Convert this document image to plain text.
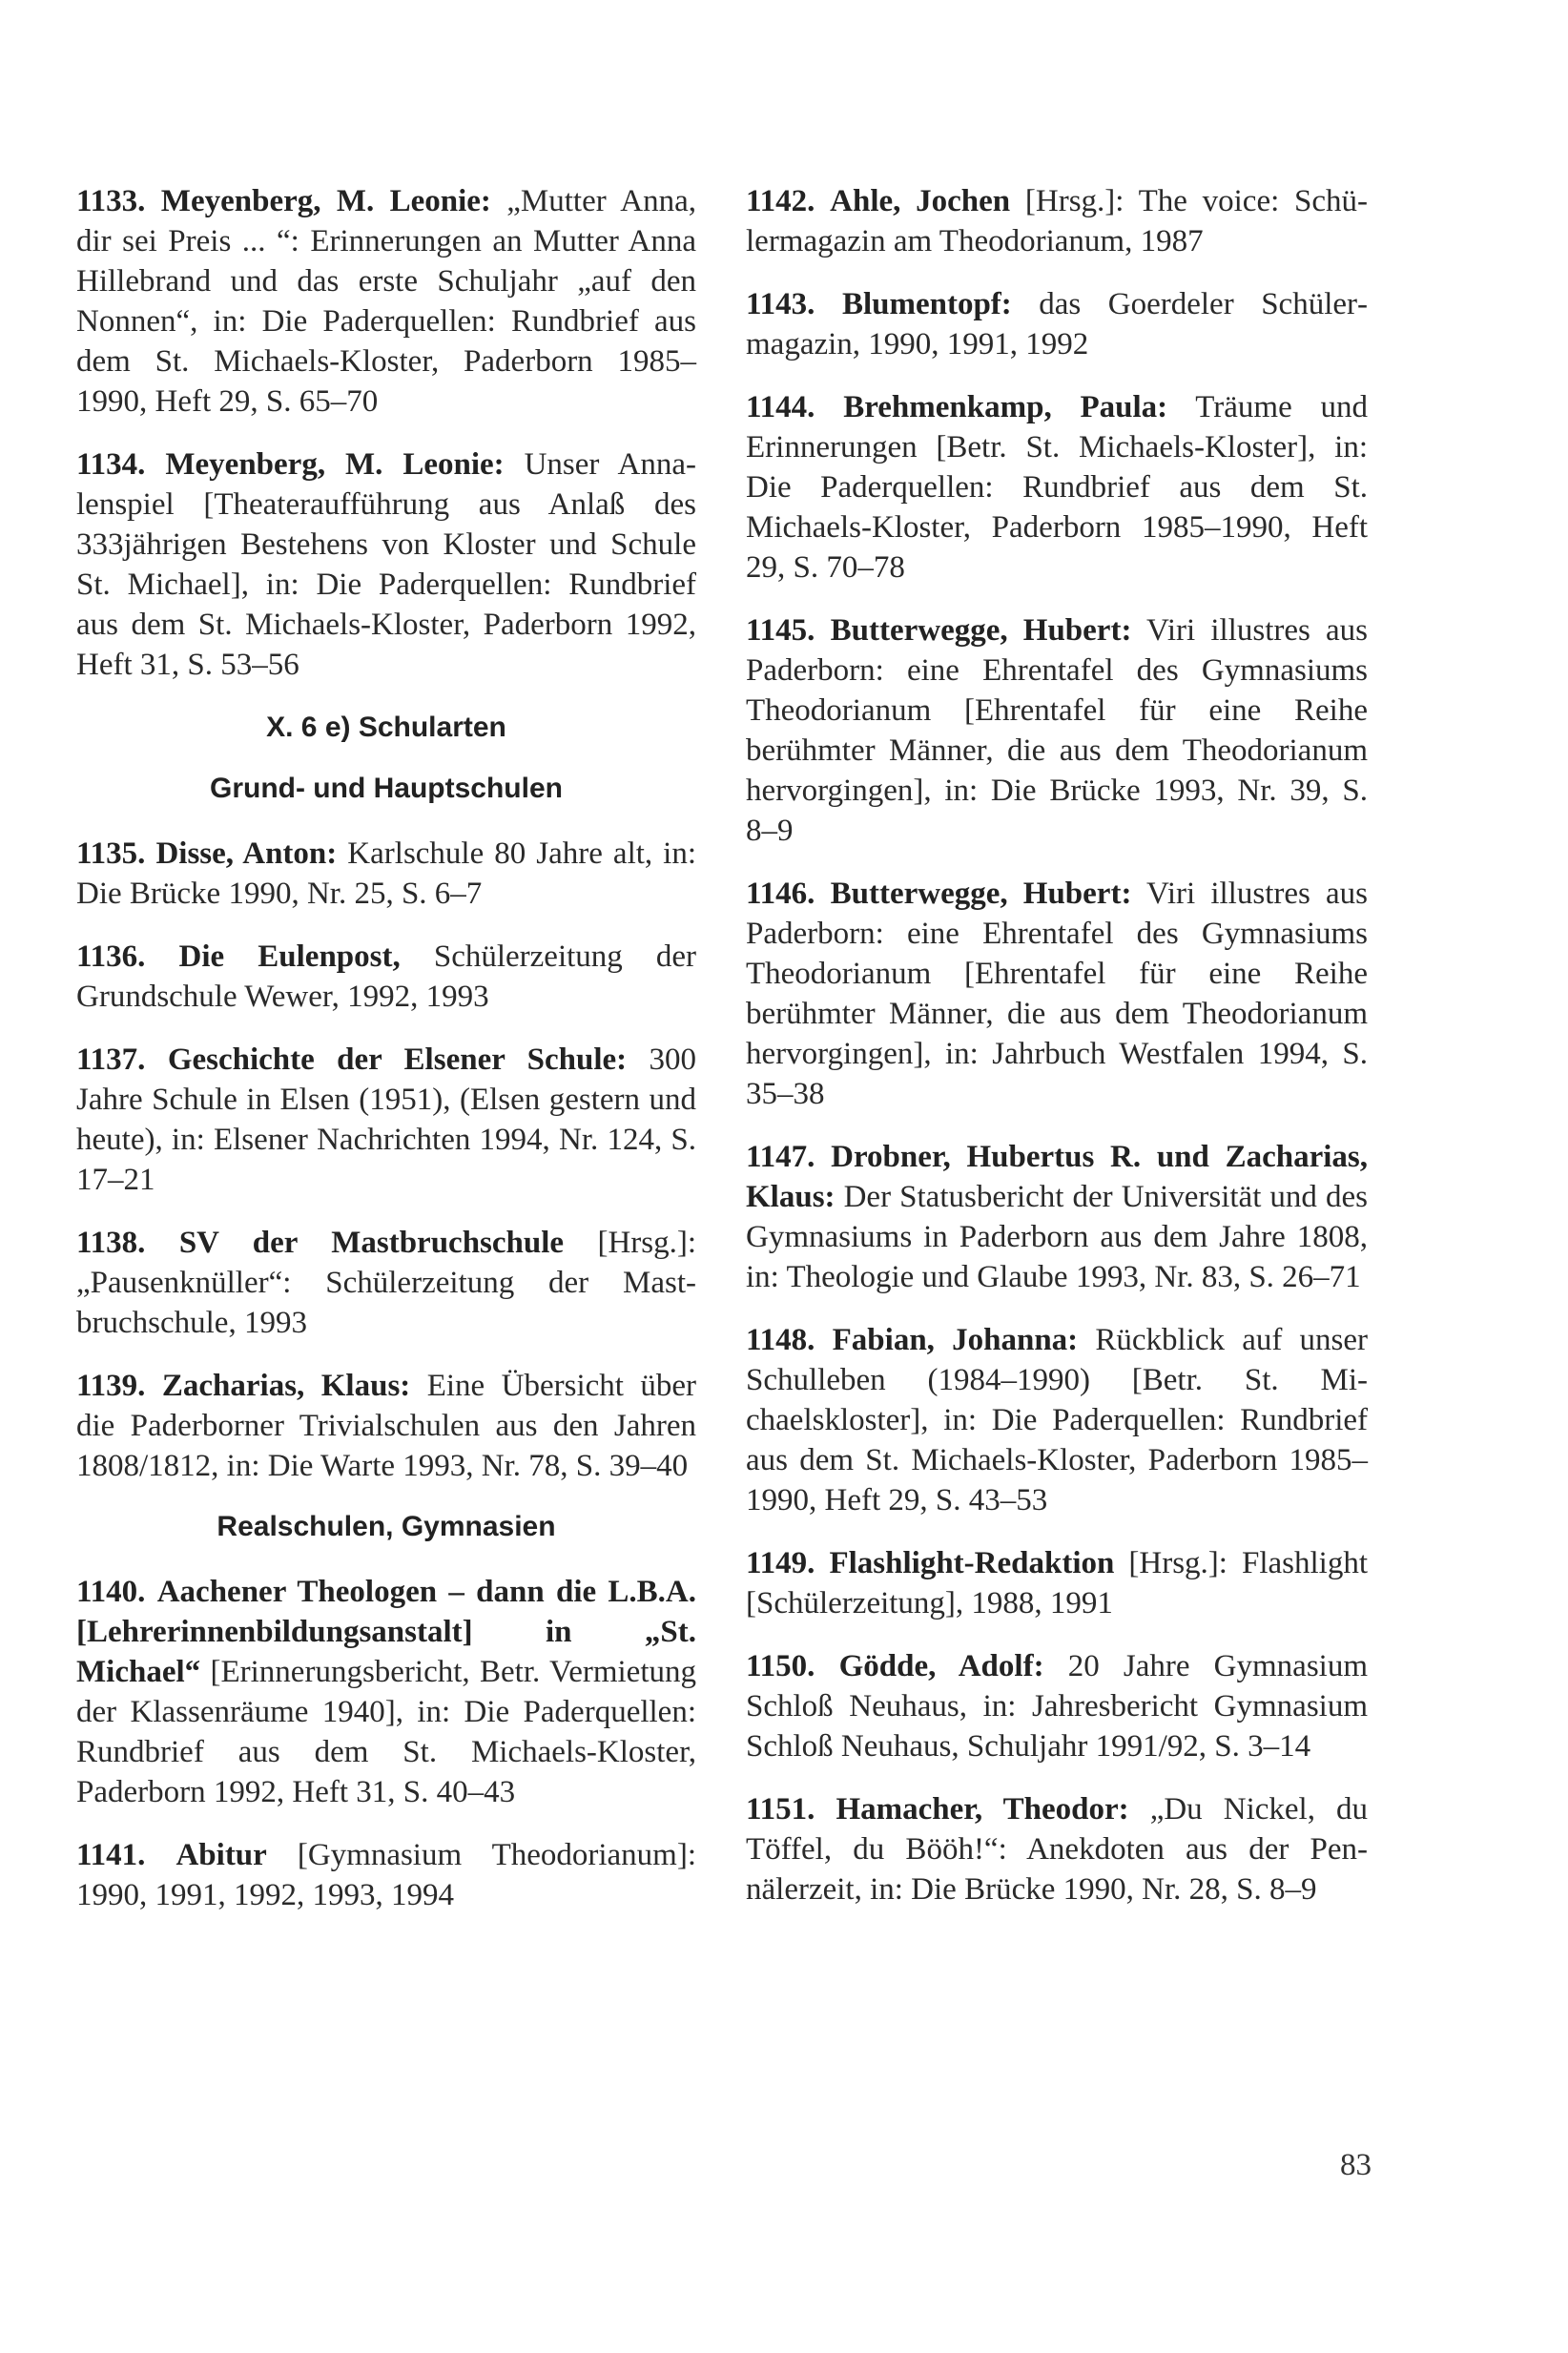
1133. Meyenberg, M. Leonie: „Mutter Anna, dir sei Preis ... “: Erinnerungen an Mutter Anna Hillebrand und das erste Schuljahr „auf den Nonnen“, in: Die Paderquellen: Rundbrief aus dem St. Michaels-Kloster, Paderborn 1985–1990, Heft 29, S. 65–70

1134. Meyenberg, M. Leonie: Unser Annalenspiel [Theateraufführung aus Anlaß des 333jährigen Bestehens von Kloster und Schule St. Michael], in: Die Paderquellen: Rundbrief aus dem St. Michaels-Kloster, Paderborn 1992, Heft 31, S. 53–56

X. 6 e) Schularten
Grund- und Hauptschulen

1135. Disse, Anton: Karlschule 80 Jahre alt, in: Die Brücke 1990, Nr. 25, S. 6–7

1136. Die Eulenpost, Schülerzeitung der Grundschule Wewer, 1992, 1993

1137. Geschichte der Elsener Schule: 300 Jahre Schule in Elsen (1951), (Elsen gestern und heute), in: Elsener Nachrichten 1994, Nr. 124, S. 17–21

1138. SV der Mastbruchschule [Hrsg.]: „Pausenknüller“: Schülerzeitung der Mastbruchschule, 1993

1139. Zacharias, Klaus: Eine Übersicht über die Paderborner Trivialschulen aus den Jahren 1808/1812, in: Die Warte 1993, Nr. 78, S. 39–40

Realschulen, Gymnasien

1140. Aachener Theologen – dann die L.B.A. [Lehrerinnenbildungsanstalt] in „St. Michael“ [Erinnerungsbericht, Betr. Vermietung der Klassenräume 1940], in: Die Paderquellen: Rundbrief aus dem St. Michaels-Kloster, Paderborn 1992, Heft 31, S. 40–43

1141. Abitur [Gymnasium Theodorianum]: 1990, 1991, 1992, 1993, 1994

1142. Ahle, Jochen [Hrsg.]: The voice: Schülermagazin am Theodorianum, 1987

1143. Blumentopf: das Goerdeler Schülermagazin, 1990, 1991, 1992

1144. Brehmenkamp, Paula: Träume und Erinnerungen [Betr. St. Michaels-Kloster], in: Die Paderquellen: Rundbrief aus dem St. Michaels-Kloster, Paderborn 1985–1990, Heft 29, S. 70–78

1145. Butterwegge, Hubert: Viri illustres aus Paderborn: eine Ehrentafel des Gymnasiums Theodorianum [Ehrentafel für eine Reihe berühmter Männer, die aus dem Theodorianum hervorgingen], in: Die Brücke 1993, Nr. 39, S. 8–9

1146. Butterwegge, Hubert: Viri illustres aus Paderborn: eine Ehrentafel des Gymnasiums Theodorianum [Ehrentafel für eine Reihe berühmter Männer, die aus dem Theodorianum hervorgingen], in: Jahrbuch Westfalen 1994, S. 35–38

1147. Drobner, Hubertus R. und Zacharias, Klaus: Der Statusbericht der Universität und des Gymnasiums in Paderborn aus dem Jahre 1808, in: Theologie und Glaube 1993, Nr. 83, S. 26–71

1148. Fabian, Johanna: Rückblick auf unser Schulleben (1984–1990) [Betr. St. Michaelskloster], in: Die Paderquellen: Rundbrief aus dem St. Michaels-Kloster, Paderborn 1985–1990, Heft 29, S. 43–53

1149. Flashlight-Redaktion [Hrsg.]: Flashlight [Schülerzeitung], 1988, 1991

1150. Gödde, Adolf: 20 Jahre Gymnasium Schloß Neuhaus, in: Jahresbericht Gymnasium Schloß Neuhaus, Schuljahr 1991/92, S. 3–14

1151. Hamacher, Theodor: „Du Nickel, du Töffel, du Bööh!“: Anekdoten aus der Pennälerzeit, in: Die Brücke 1990, Nr. 28, S. 8–9

83
